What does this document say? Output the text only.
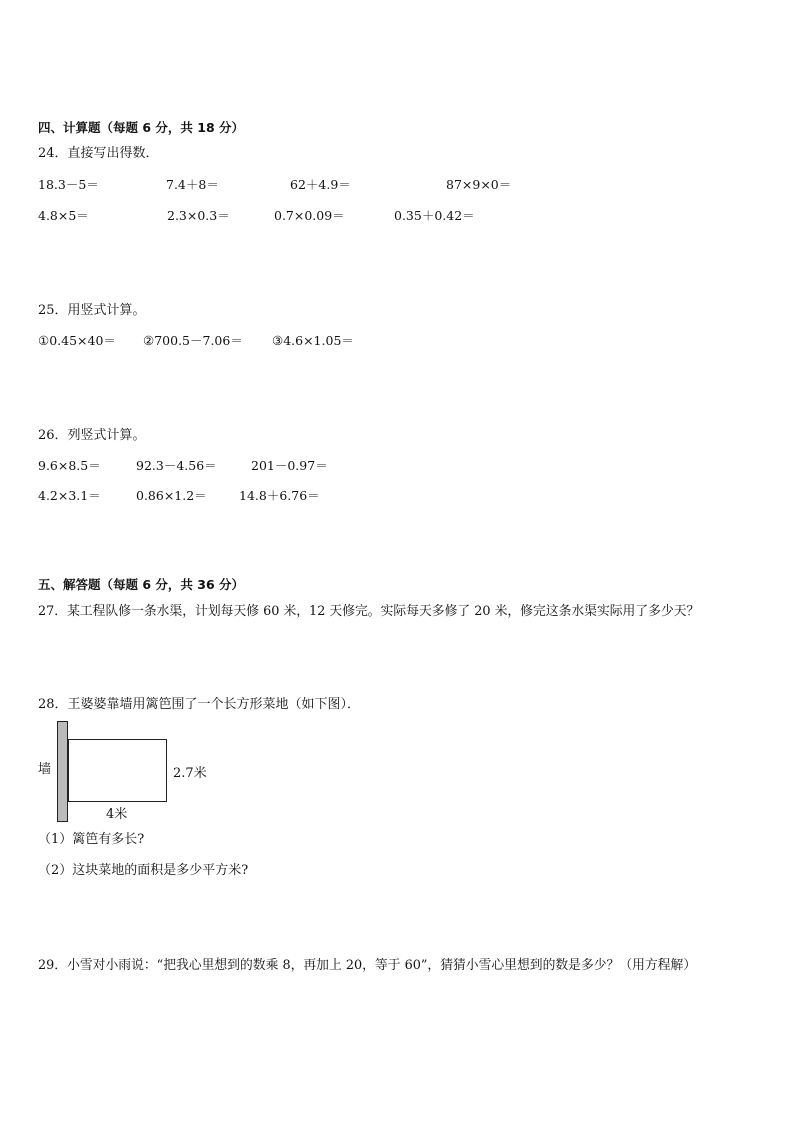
四、计算题（每题 6 分，共 18 分）
24．直接写出得数．
18.3－5＝	7.4＋8＝	62＋4.9＝	87×9×0＝
4.8×5＝	2.3×0.3＝	0.7×0.09＝	0.35＋0.42＝
25．用竖式计算。
①0.45×40＝ ②700.5－7.06＝ ③4.6×1.05＝
26．列竖式计算。
9.6×8.5＝	92.3－4.56＝	201－0.97＝
4.2×3.1＝	0.86×1.2＝	14.8＋6.76＝
五、解答题（每题 6 分，共 36 分）
27．某工程队修一条水渠，计划每天修 60 米，12 天修完。实际每天多修了 20 米，修完这条水渠实际用了多少天？
28．王婆婆靠墙用篱笆围了一个长方形菜地（如下图）．
墙	2.7米
4米
（1）篱笆有多长?
（2）这块菜地的面积是多少平方米?
29．小雪对小雨说：“把我心里想到的数乘 8，再加上 20，等于 60”，猜猜小雪心里想到的数是多少？（用方程解）
